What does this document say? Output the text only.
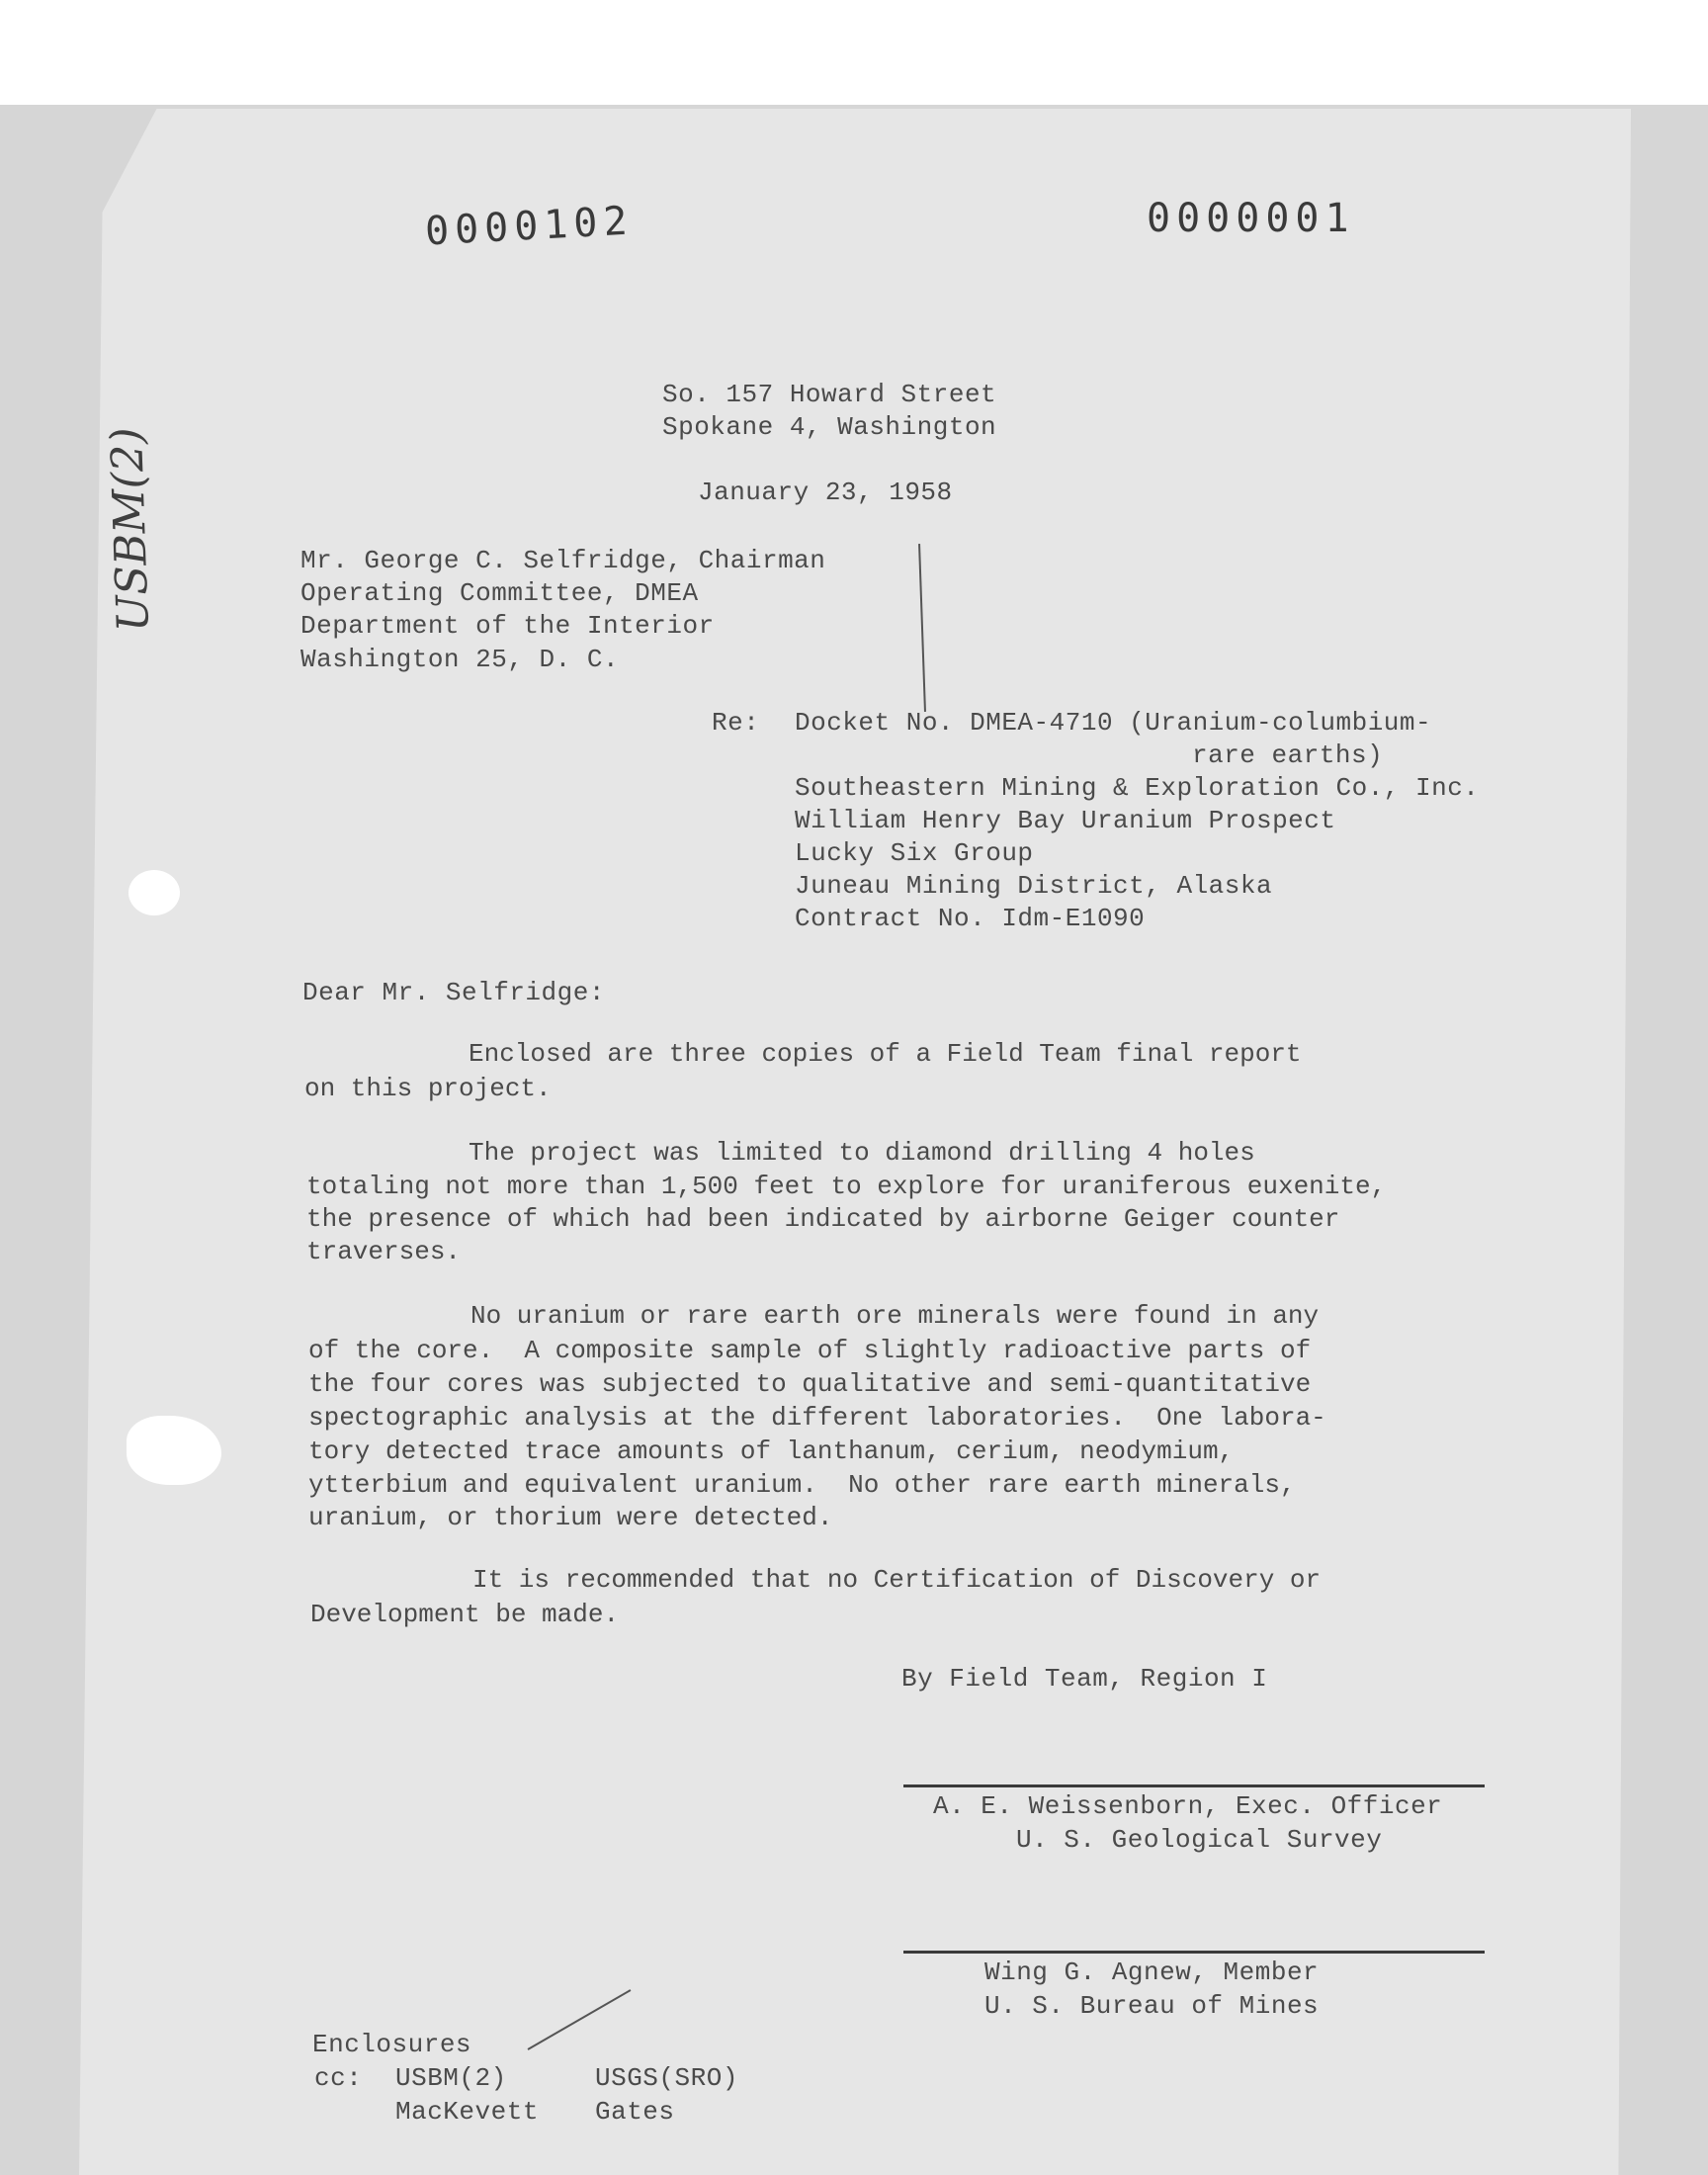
0000102	0000001
USBM(2)
So. 157 Howard Street
Spokane 4, Washington
January 23, 1958
Mr. George C. Selfridge, Chairman
Operating Committee, DMEA
Department of the Interior
Washington 25, D. C.
Re: Docket No. DMEA-4710 (Uranium-columbium-
rare earths)
Southeastern Mining & Exploration Co., Inc.
William Henry Bay Uranium Prospect
Lucky Six Group
Juneau Mining District, Alaska
Contract No. Idm-E1090
Dear Mr. Selfridge:
Enclosed are three copies of a Field Team final report
on this project.
The project was limited to diamond drilling 4 holes
totaling not more than 1,500 feet to explore for uraniferous euxenite,
the presence of which had been indicated by airborne Geiger counter
traverses.
No uranium or rare earth ore minerals were found in any
of the core.  A composite sample of slightly radioactive parts of
the four cores was subjected to qualitative and semi-quantitative
spectographic analysis at the different laboratories.  One labora-
tory detected trace amounts of lanthanum, cerium, neodymium,
ytterbium and equivalent uranium.  No other rare earth minerals,
uranium, or thorium were detected.
It is recommended that no Certification of Discovery or
Development be made.
By Field Team, Region I
A. E. Weissenborn, Exec. Officer
U. S. Geological Survey
Wing G. Agnew, Member
U. S. Bureau of Mines
Enclosures
cc: USBM(2)	USGS(SRO)
MacKevett Gates
